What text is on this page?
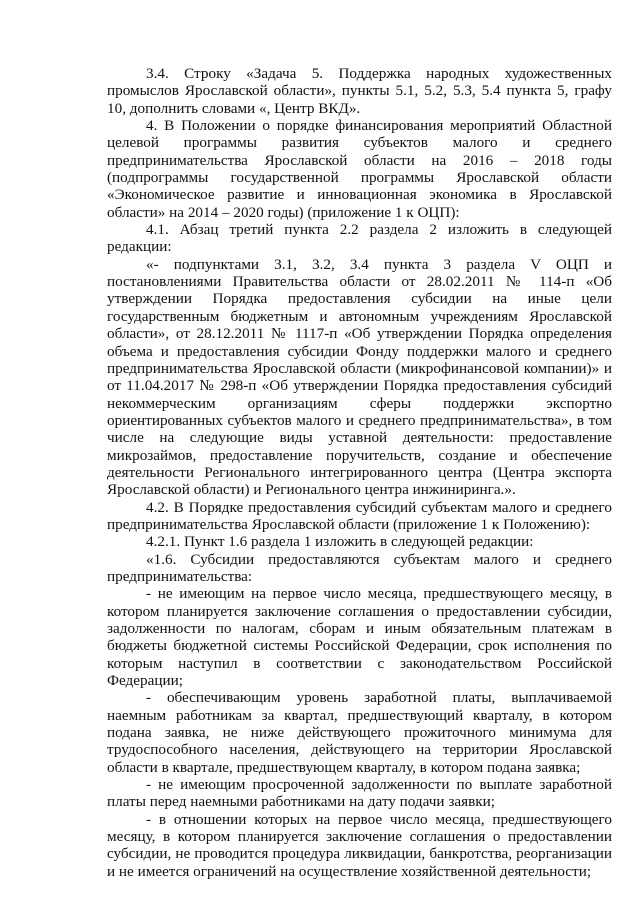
3.4. Строку «Задача 5. Поддержка народных художественных промыслов Ярославской области», пункты 5.1, 5.2, 5.3, 5.4 пункта 5, графу 10, дополнить словами «, Центр ВКД».

4. В Положении о порядке финансирования мероприятий Областной целевой программы развития субъектов малого и среднего предпринимательства Ярославской области на 2016 – 2018 годы (подпрограммы государственной программы Ярославской области «Экономическое развитие и инновационная экономика в Ярославской области» на 2014 – 2020 годы) (приложение 1 к ОЦП):

4.1. Абзац третий пункта 2.2 раздела 2 изложить в следующей редакции:

«- подпунктами 3.1, 3.2, 3.4 пункта 3 раздела V ОЦП и постановлениями Правительства области от 28.02.2011 № 114-п «Об утверждении Порядка предоставления субсидии на иные цели государственным бюджетным и автономным учреждениям Ярославской области», от 28.12.2011 № 1117-п «Об утверждении Порядка определения объема и предоставления субсидии Фонду поддержки малого и среднего предпринимательства Ярославской области (микрофинансовой компании)» и от 11.04.2017 № 298-п «Об утверждении Порядка предоставления субсидий некоммерческим организациям сферы поддержки экспортно ориентированных субъектов малого и среднего предпринимательства», в том числе на следующие виды уставной деятельности: предоставление микрозаймов, предоставление поручительств, создание и обеспечение деятельности Регионального интегрированного центра (Центра экспорта Ярославской области) и Регионального центра инжиниринга.».

4.2. В Порядке предоставления субсидий субъектам малого и среднего предпринимательства Ярославской области (приложение 1 к Положению):

4.2.1. Пункт 1.6 раздела 1 изложить в следующей редакции:

«1.6. Субсидии предоставляются субъектам малого и среднего предпринимательства:

- не имеющим на первое число месяца, предшествующего месяцу, в котором планируется заключение соглашения о предоставлении субсидии, задолженности по налогам, сборам и иным обязательным платежам в бюджеты бюджетной системы Российской Федерации, срок исполнения по которым наступил в соответствии с законодательством Российской Федерации;

- обеспечивающим уровень заработной платы, выплачиваемой наемным работникам за квартал, предшествующий кварталу, в котором подана заявка, не ниже действующего прожиточного минимума для трудоспособного населения, действующего на территории Ярославской области в квартале, предшествующем кварталу, в котором подана заявка;

- не имеющим просроченной задолженности по выплате заработной платы перед наемными работниками на дату подачи заявки;

- в отношении которых на первое число месяца, предшествующего месяцу, в котором планируется заключение соглашения о предоставлении субсидии, не проводится процедура ликвидации, банкротства, реорганизации и не имеется ограничений на осуществление хозяйственной деятельности;
